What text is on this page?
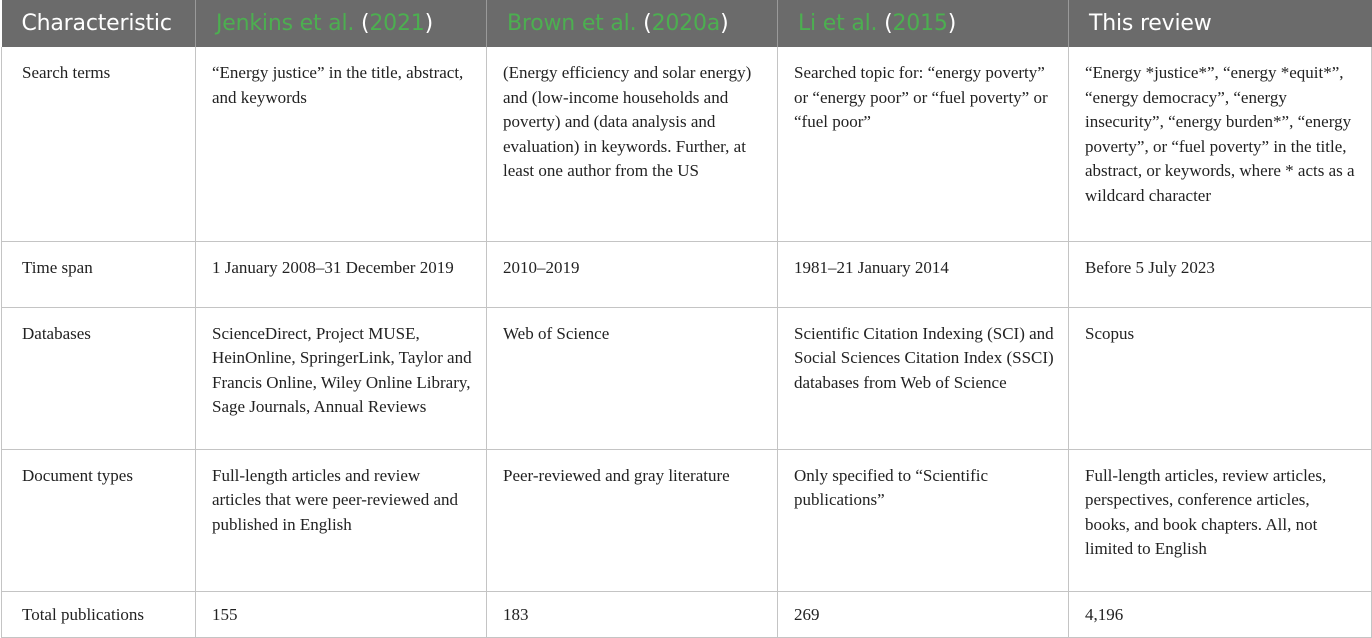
Characteristic	Jenkins et al. (2021)	Brown et al. (2020a)	Li et al. (2015)	This review
Search terms	“Energy justice” in the title, abstract, and keywords	(Energy efficiency and solar energy) and (low-income households and poverty) and (data analysis and evaluation) in keywords. Further, at least one author from the US	Searched topic for: “energy poverty” or “energy poor” or “fuel poverty” or “fuel poor”	“Energy *justice*”, “energy *equit*”, “energy democracy”, “energy insecurity”, “energy burden*”, “energy poverty”, or “fuel poverty” in the title, abstract, or keywords, where * acts as a wildcard character
Time span	1 January 2008–31 December 2019	2010–2019	1981–21 January 2014	Before 5 July 2023
Databases	ScienceDirect, Project MUSE, HeinOnline, SpringerLink, Taylor and Francis Online, Wiley Online Library, Sage Journals, Annual Reviews	Web of Science	Scientific Citation Indexing (SCI) and Social Sciences Citation Index (SSCI) databases from Web of Science	Scopus
Document types	Full-length articles and review articles that were peer-reviewed and published in English	Peer-reviewed and gray literature	Only specified to “Scientific publications”	Full-length articles, review articles, perspectives, conference articles, books, and book chapters. All, not limited to English
Total publications	155	183	269	4,196
